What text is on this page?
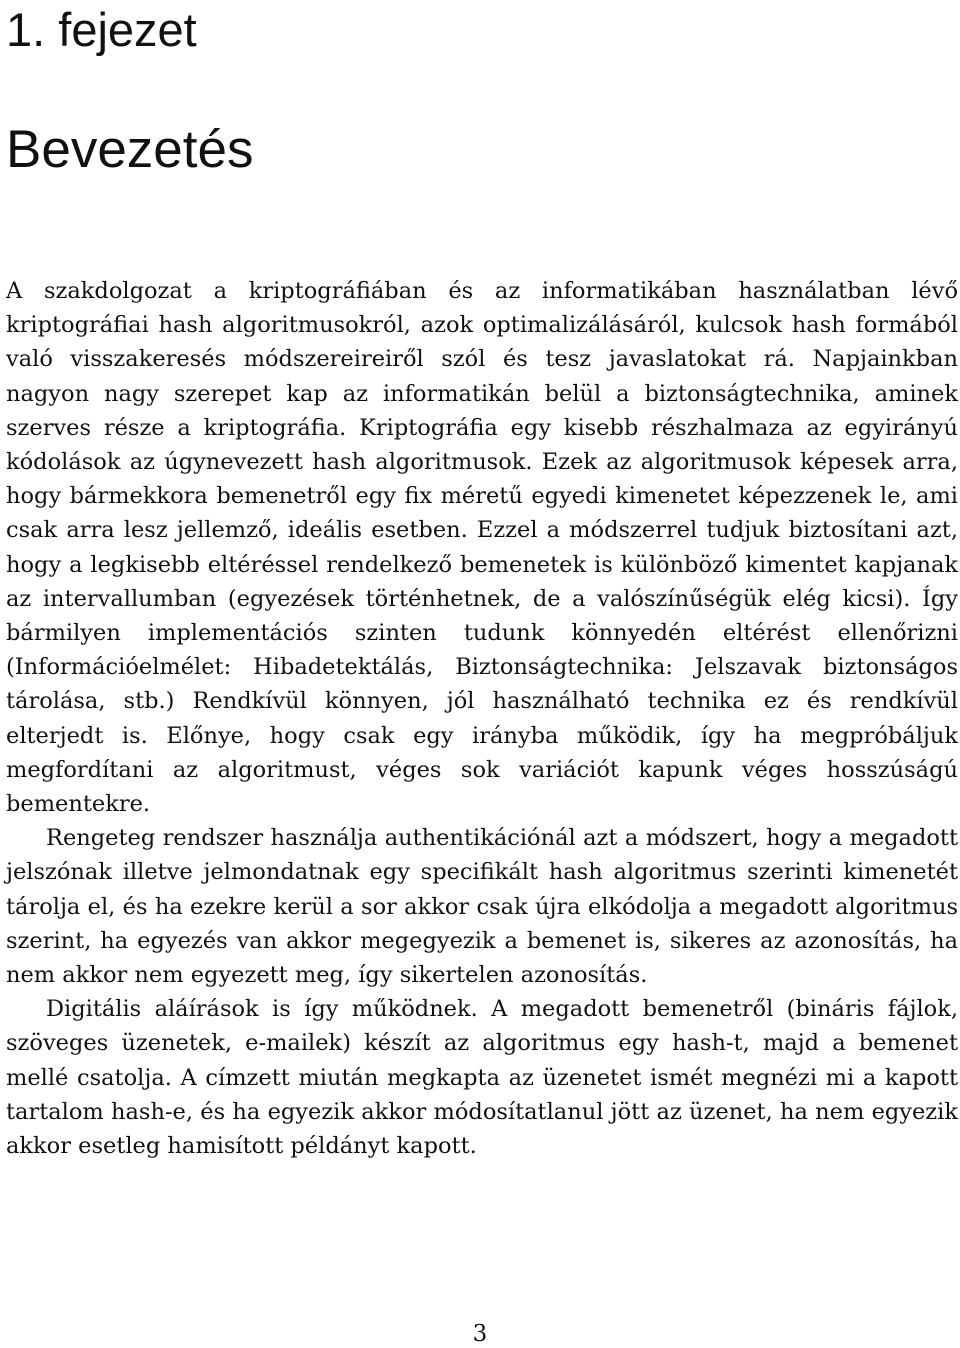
1. fejezet
Bevezetés

A szakdolgozat a kriptográfiában és az informatikában használatban lévő kriptográfiai hash algoritmusokról, azok optimalizálásáról, kulcsok hash formából való visszakeresés módszereireiről szól és tesz javaslatokat rá. Napjainkban nagyon nagy szerepet kap az informatikán belül a biztonságtechnika, aminek szerves része a kriptográfia. Kriptográfia egy kisebb részhalmaza az egyirányú kódolások az úgynevezett hash algoritmusok. Ezek az algoritmusok képesek arra, hogy bármekkora bemenetről egy fix méretű egyedi kimenetet képezzenek le, ami csak arra lesz jellemző, ideális esetben. Ezzel a módszerrel tudjuk biztosítani azt, hogy a legkisebb eltéréssel rendelkező bemenetek is különböző kimentet kapjanak az intervallumban (egyezések történhetnek, de a valószínűségük elég kicsi). Így bármilyen implementációs szinten tudunk könnyedén eltérést ellenőrizni (Információelmélet: Hibadetektálás, Biztonságtechnika: Jelszavak biztonságos tárolása, stb.) Rendkívül könnyen, jól használható technika ez és rendkívül elterjedt is. Előnye, hogy csak egy irányba működik, így ha megpróbáljuk megfordítani az algoritmust, véges sok variációt kapunk véges hosszúságú bementekre.

Rengeteg rendszer használja authentikációnál azt a módszert, hogy a megadott jelszónak illetve jelmondatnak egy specifikált hash algoritmus szerinti kimenetét tárolja el, és ha ezekre kerül a sor akkor csak újra elkódolja a megadott algoritmus szerint, ha egyezés van akkor megegyezik a bemenet is, sikeres az azonosítás, ha nem akkor nem egyezett meg, így sikertelen azonosítás.

Digitális aláírások is így működnek. A megadott bemenetről (bináris fájlok, szöveges üzenetek, e-mailek) készít az algoritmus egy hash-t, majd a bemenet mellé csatolja. A címzett miután megkapta az üzenetet ismét megnézi mi a kapott tartalom hash-e, és ha egyezik akkor módosítatlanul jött az üzenet, ha nem egyezik akkor esetleg hamisított példányt kapott.

3
